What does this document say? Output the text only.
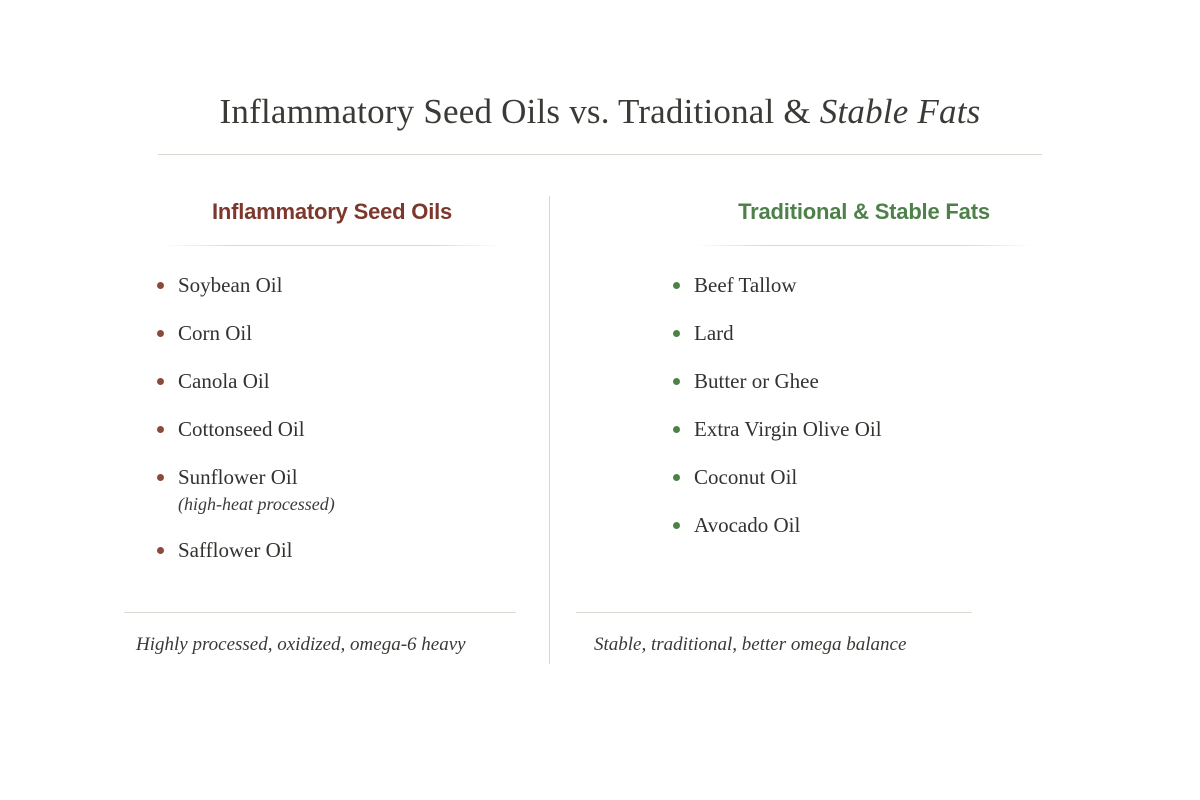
Inflammatory Seed Oils vs. Traditional & Stable Fats
Inflammatory Seed Oils
Soybean Oil
Corn Oil
Canola Oil
Cottonseed Oil
Sunflower Oil
(high-heat processed)
Safflower Oil
Traditional & Stable Fats
Beef Tallow
Lard
Butter or Ghee
Extra Virgin Olive Oil
Coconut Oil
Avocado Oil
Highly processed, oxidized, omega-6 heavy	Stable, traditional, better omega balance
